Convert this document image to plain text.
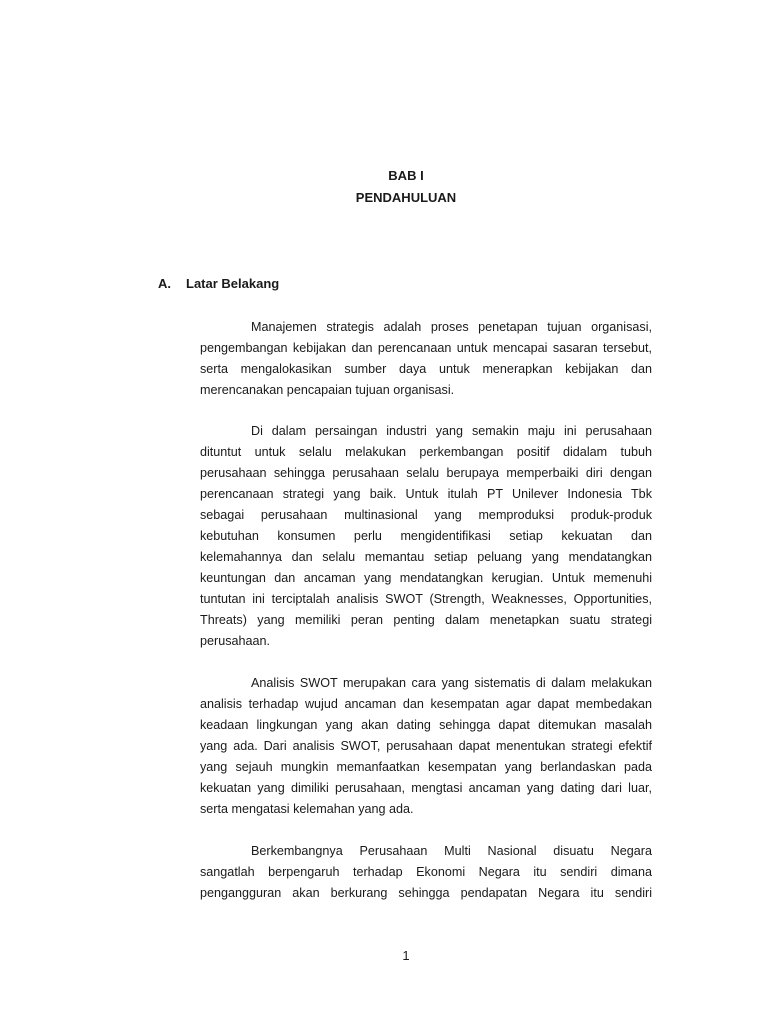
BAB I
PENDAHULUAN
A. Latar Belakang
Manajemen strategis adalah proses penetapan tujuan organisasi,
pengembangan kebijakan dan perencanaan untuk mencapai sasaran tersebut,
serta mengalokasikan sumber daya untuk menerapkan kebijakan dan
merencanakan pencapaian tujuan organisasi.
Di dalam persaingan industri yang semakin maju ini perusahaan
dituntut untuk selalu melakukan perkembangan positif didalam tubuh
perusahaan sehingga perusahaan selalu berupaya memperbaiki diri dengan
perencanaan strategi yang baik. Untuk itulah PT Unilever Indonesia Tbk
sebagai perusahaan multinasional yang memproduksi produk-produk
kebutuhan konsumen perlu mengidentifikasi setiap kekuatan dan
kelemahannya dan selalu memantau setiap peluang yang mendatangkan
keuntungan dan ancaman yang mendatangkan kerugian. Untuk memenuhi
tuntutan ini terciptalah analisis SWOT (Strength, Weaknesses, Opportunities,
Threats) yang memiliki peran penting dalam menetapkan suatu strategi
perusahaan.
Analisis SWOT merupakan cara yang sistematis di dalam melakukan
analisis terhadap wujud ancaman dan kesempatan agar dapat membedakan
keadaan lingkungan yang akan dating sehingga dapat ditemukan masalah
yang ada. Dari analisis SWOT, perusahaan dapat menentukan strategi efektif
yang sejauh mungkin memanfaatkan kesempatan yang berlandaskan pada
kekuatan yang dimiliki perusahaan, mengtasi ancaman yang dating dari luar,
serta mengatasi kelemahan yang ada.
Berkembangnya Perusahaan Multi Nasional disuatu Negara
sangatlah berpengaruh terhadap Ekonomi Negara itu sendiri dimana
pengangguran akan berkurang sehingga pendapatan Negara itu sendiri
1
